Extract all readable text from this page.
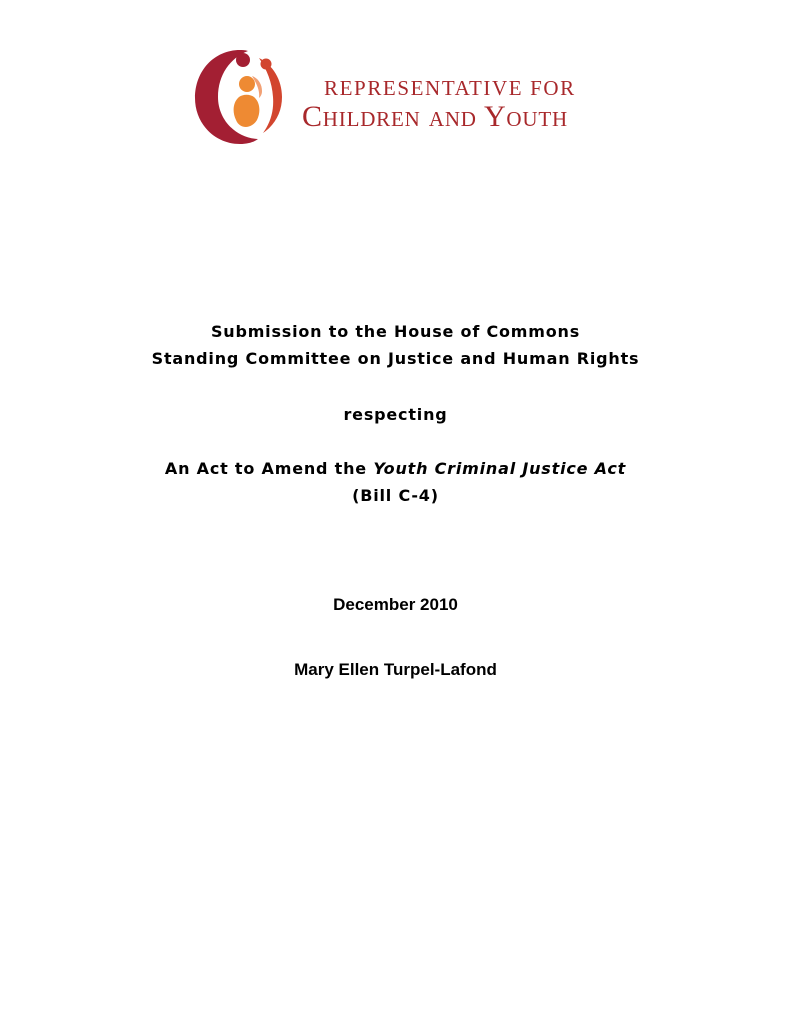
REPRESENTATIVE FOR
Children and Youth
Submission to the House of Commons
Standing Committee on Justice and Human Rights
respecting
An Act to Amend the Youth Criminal Justice Act
(Bill C-4)
December 2010
Mary Ellen Turpel-Lafond
